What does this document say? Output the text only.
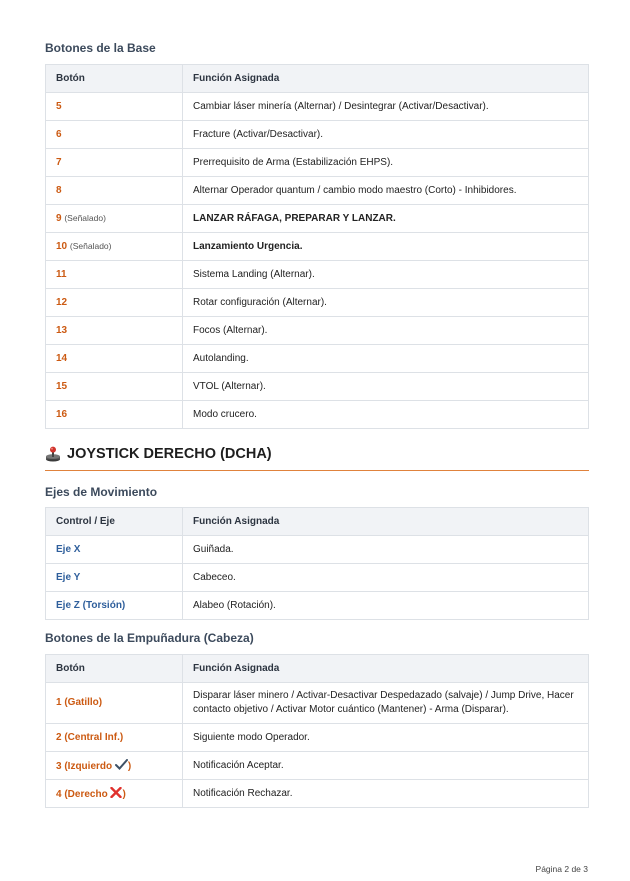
Botones de la Base
Botón	Función Asignada
5	Cambiar láser minería (Alternar) / Desintegrar (Activar/Desactivar).
6	Fracture (Activar/Desactivar).
7	Prerrequisito de Arma (Estabilización EHPS).
8	Alternar Operador quantum / cambio modo maestro (Corto) - Inhibidores.
9 (Señalado)	LANZAR RÁFAGA, PREPARAR Y LANZAR.
10 (Señalado)	Lanzamiento Urgencia.
11	Sistema Landing (Alternar).
12	Rotar configuración (Alternar).
13	Focos (Alternar).
14	Autolanding.
15	VTOL (Alternar).
16	Modo crucero.
JOYSTICK DERECHO (DCHA)
Ejes de Movimiento
Control / Eje	Función Asignada
Eje X	Guiñada.
Eje Y	Cabeceo.
Eje Z (Torsión)	Alabeo (Rotación).
Botones de la Empuñadura (Cabeza)
Botón	Función Asignada
1 (Gatillo)	Disparar láser minero / Activar-Desactivar Despedazado (salvaje) / Jump Drive, Hacer contacto objetivo / Activar Motor cuántico (Mantener) - Arma (Disparar).
2 (Central Inf.)	Siguiente modo Operador.
3 (Izquierdo )	Notificación Aceptar.
4 (Derecho )	Notificación Rechazar.
Página 2 de 3
